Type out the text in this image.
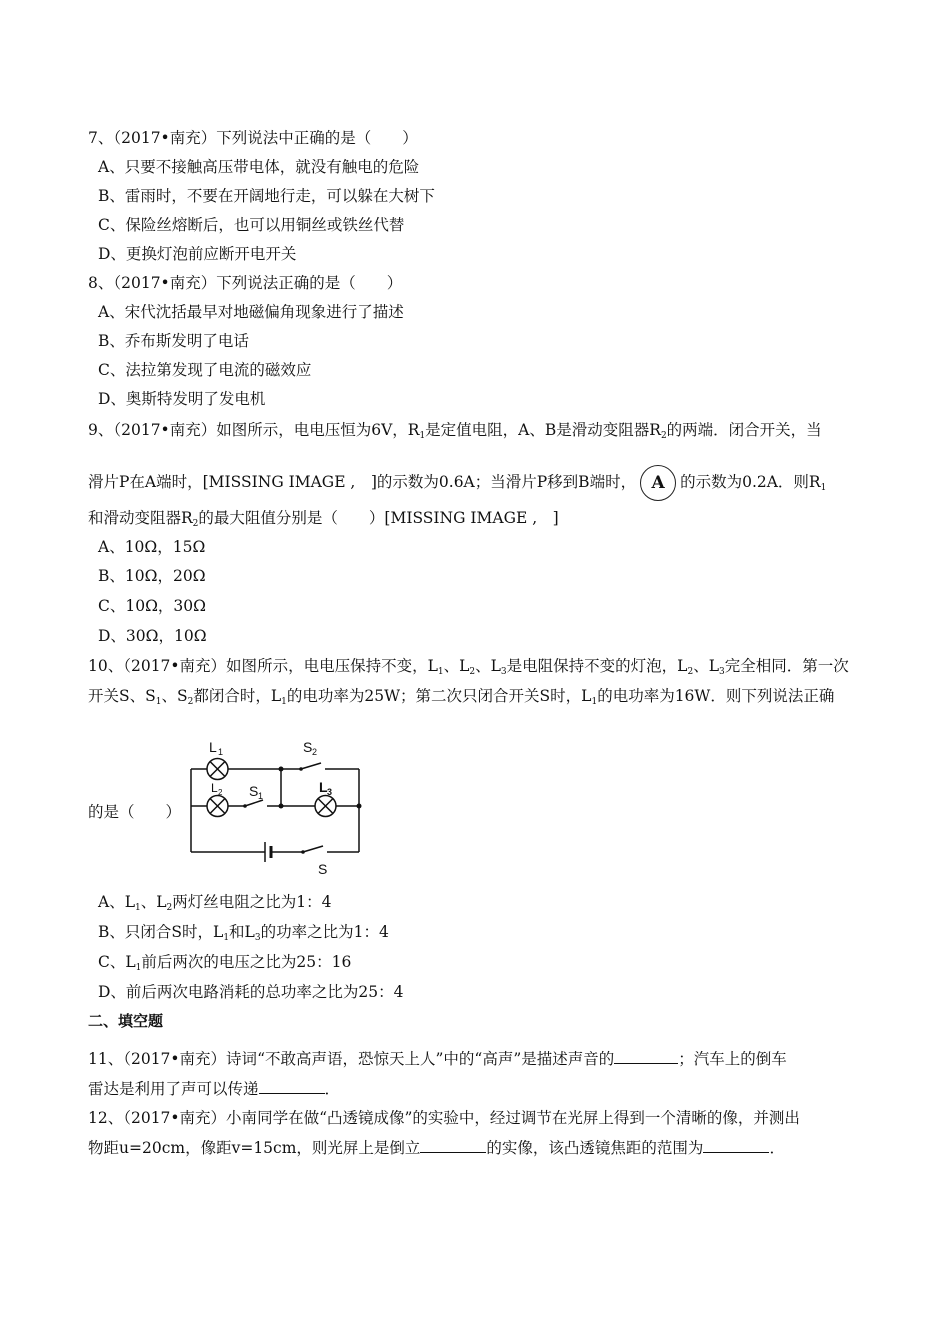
7、（2017•南充）下列说法中正确的是（　　）
A、只要不接触高压带电体，就没有触电的危险
B、雷雨时，不要在开阔地行走，可以躲在大树下
C、保险丝熔断后，也可以用铜丝或铁丝代替
D、更换灯泡前应断开电开关
8、（2017•南充）下列说法正确的是（　　）
A、宋代沈括最早对地磁偏角现象进行了描述
B、乔布斯发明了电话
C、法拉第发现了电流的磁效应
D、奥斯特发明了发电机
9、（2017•南充）如图所示，电电压恒为6V，$R_1$是定值电阻，A、B是滑动变阻器$R_2$的两端．闭合开关，当
滑片P在A端时，[MISSING IMAGE ,　]的示数为0.6A；当滑片P移到B端时， A 的示数为0.2A．则$R_1$
和滑动变阻器$R_2$的最大阻值分别是（　　）[MISSING IMAGE ,　]
A、10Ω，15Ω
B、10Ω，20Ω
C、10Ω，30Ω
D、30Ω，10Ω
10、（2017•南充）如图所示，电电压保持不变，$L_1$、$L_2$、$L_3$是电阻保持不变的灯泡，$L_2$、$L_3$完全相同．第一次
开关S、$S_1$、$S_2$都闭合时，$L_1$的电功率为25W；第二次只闭合开关S时，$L_1$的电功率为16W．则下列说法正确
的是（　　）
L 1
L 2 S 1
S 2
L 3
S
A、$L_1$、$L_2$两灯丝电阻之比为1：4
B、只闭合S时，$L_1$和$L_3$的功率之比为1：4
C、$L_1$前后两次的电压之比为25：16
D、前后两次电路消耗的总功率之比为25：4
二、填空题
11、（2017•南充）诗词“不敢高声语，恐惊天上人”中的“高声”是描述声音的	；汽车上的倒车
雷达是利用了声可以传递	．
12、（2017•南充）小南同学在做“凸透镜成像”的实验中，经过调节在光屏上得到一个清晰的像，并测出
物距u=20cm，像距v=15cm，则光屏上是倒立	的实像，该凸透镜焦距的范围为	．
